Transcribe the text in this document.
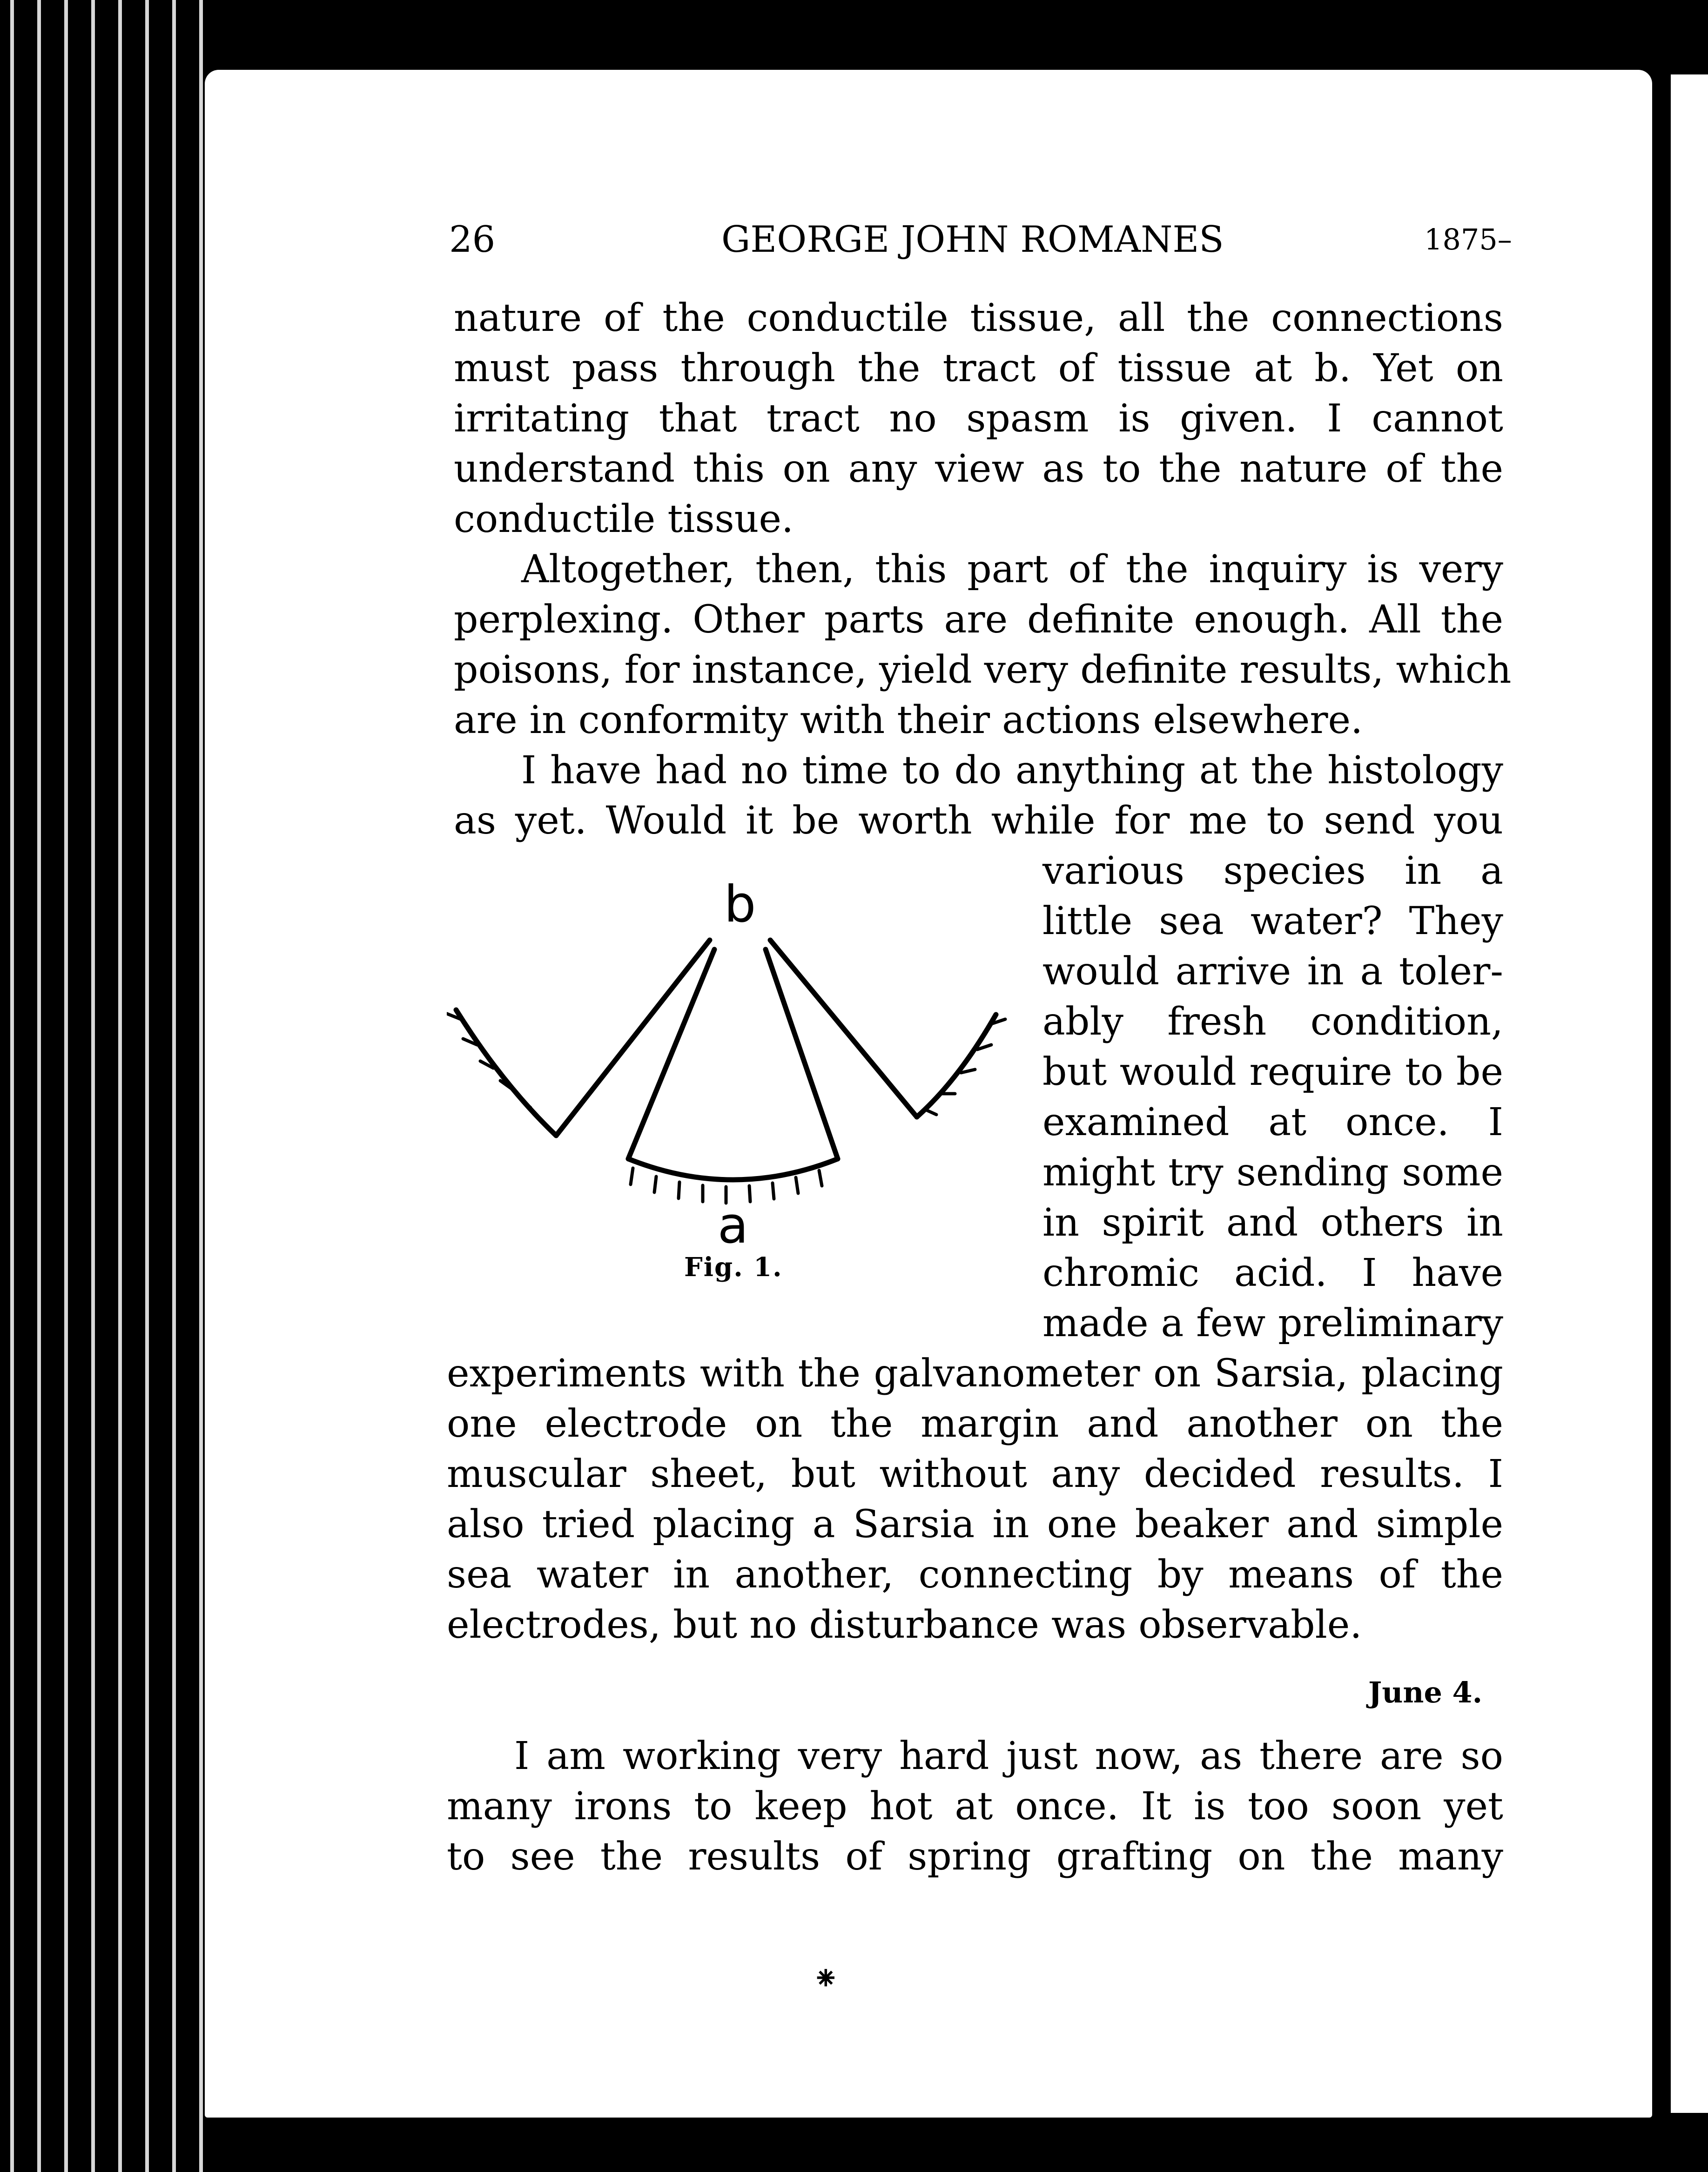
26	GEORGE JOHN ROMANES	1875–
nature of the conductile tissue, all the connections
must pass through the tract of tissue at b. Yet on
irritating that tract no spasm is given. I cannot
understand this on any view as to the nature of the
conductile tissue.
Altogether, then, this part of the inquiry is very
perplexing. Other parts are definite enough. All the
poisons, for instance, yield very definite results, which
are in conformity with their actions elsewhere.
I have had no time to do anything at the histology
as yet. Would it be worth while for me to send you
various species in a
little sea water? They
would arrive in a toler-
ably fresh condition,
but would require to be
examined at once. I
might try sending some
in spirit and others in
chromic acid. I have
made a few preliminary
b
a
Fig. 1.
experiments with the galvanometer on Sarsia, placing
one electrode on the margin and another on the
muscular sheet, but without any decided results. I
also tried placing a Sarsia in one beaker and simple
sea water in another, connecting by means of the
electrodes, but no disturbance was observable.
June 4.
I am working very hard just now, as there are so
many irons to keep hot at once. It is too soon yet
to see the results of spring grafting on the many
⁕
